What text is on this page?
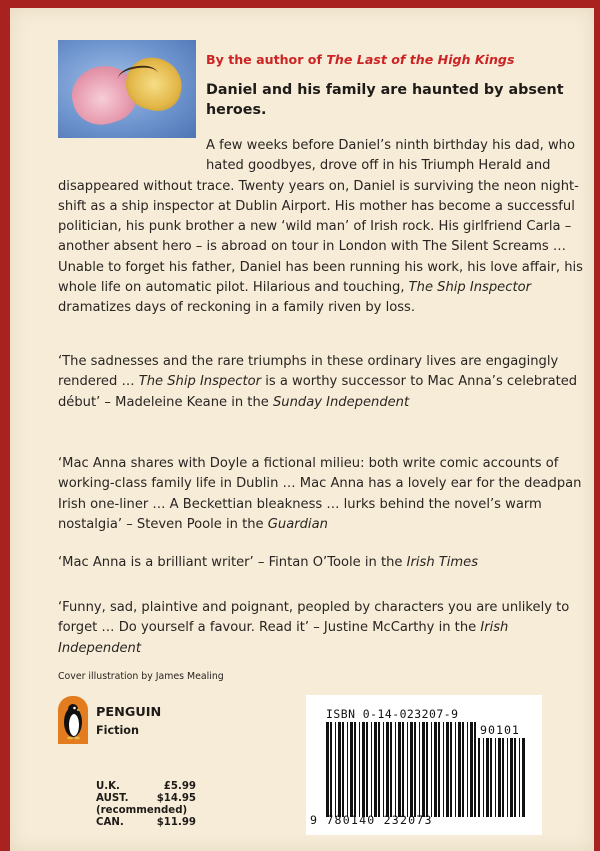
By the author of The Last of the High Kings

Daniel and his family are haunted by absent heroes.

A few weeks before Daniel’s ninth birthday his dad, who hated goodbyes, drove off in his Triumph Herald and disappeared without trace. Twenty years on, Daniel is surviving the neon night-shift as a ship inspector at Dublin Airport. His mother has become a successful politician, his punk brother a new ‘wild man’ of Irish rock. His girlfriend Carla – another absent hero – is abroad on tour in London with The Silent Screams … Unable to forget his father, Daniel has been running his work, his love affair, his whole life on automatic pilot. Hilarious and touching, The Ship Inspector dramatizes days of reckoning in a family riven by loss.

‘The sadnesses and the rare triumphs in these ordinary lives are engagingly rendered … The Ship Inspector is a worthy successor to Mac Anna’s celebrated début’ – Madeleine Keane in the Sunday Independent

‘Mac Anna shares with Doyle a fictional milieu: both write comic accounts of working-class family life in Dublin … Mac Anna has a lovely ear for the deadpan Irish one-liner … A Beckettian bleakness … lurks behind the novel’s warm nostalgia’ – Steven Poole in the Guardian

‘Mac Anna is a brilliant writer’ – Fintan O’Toole in the Irish Times

‘Funny, sad, plaintive and poignant, peopled by characters you are unlikely to forget … Do yourself a favour. Read it’ – Justine McCarthy in the Irish Independent

Cover illustration by James Mealing

PENGUIN

Fiction

U.K.	£5.99

AUST.	$14.95

(recommended)

CAN.	$11.99

ISBN 0-14-023207-9

90101

9 780140 232073
